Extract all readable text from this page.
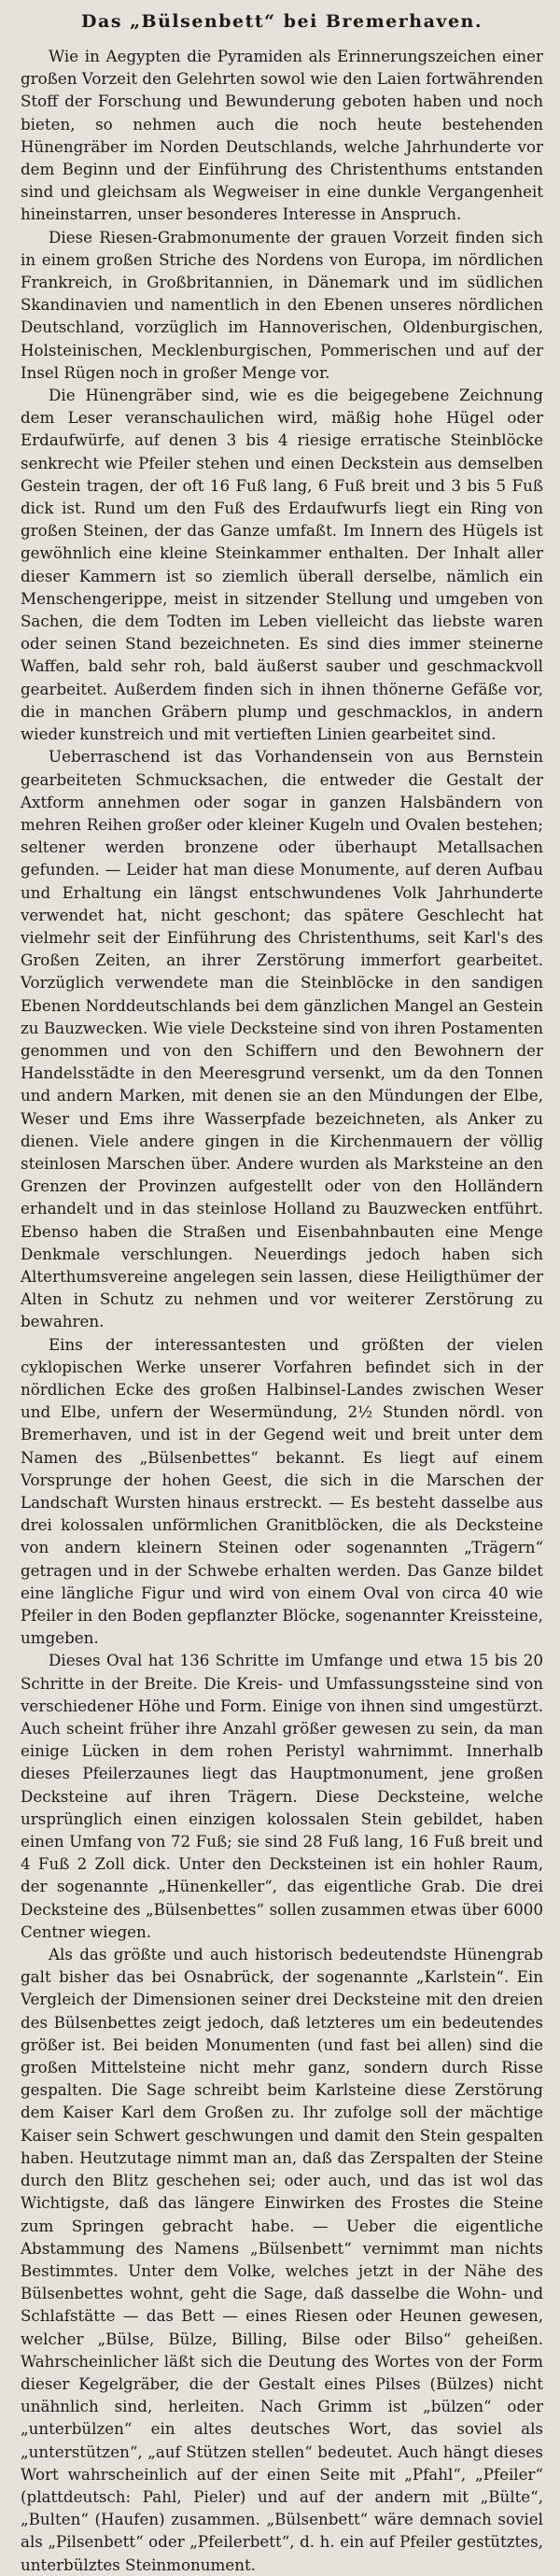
Das „Bülsenbett“ bei Bremerhaven.

Wie in Aegypten die Pyramiden als Erinnerungszeichen einer großen Vorzeit den Gelehrten sowol wie den Laien fortwährenden Stoff der Forschung und Bewunderung geboten haben und noch bieten, so nehmen auch die noch heute bestehenden Hünengräber im Norden Deutschlands, welche Jahrhunderte vor dem Beginn und der Einführung des Christenthums entstanden sind und gleichsam als Wegweiser in eine dunkle Vergangenheit hineinstarren, unser besonderes Interesse in Anspruch.

Diese Riesen-Grabmonumente der grauen Vorzeit finden sich in einem großen Striche des Nordens von Europa, im nördlichen Frankreich, in Großbritannien, in Dänemark und im südlichen Skandinavien und namentlich in den Ebenen unseres nördlichen Deutschland, vorzüglich im Hannoverischen, Oldenburgischen, Holsteinischen, Mecklenburgischen, Pommerischen und auf der Insel Rügen noch in großer Menge vor.

Die Hünengräber sind, wie es die beigegebene Zeichnung dem Leser veranschaulichen wird, mäßig hohe Hügel oder Erdaufwürfe, auf denen 3 bis 4 riesige erratische Steinblöcke senkrecht wie Pfeiler stehen und einen Deckstein aus demselben Gestein tragen, der oft 16 Fuß lang, 6 Fuß breit und 3 bis 5 Fuß dick ist. Rund um den Fuß des Erdaufwurfs liegt ein Ring von großen Steinen, der das Ganze umfaßt. Im Innern des Hügels ist gewöhnlich eine kleine Steinkammer enthalten. Der Inhalt aller dieser Kammern ist so ziemlich überall derselbe, nämlich ein Menschengerippe, meist in sitzender Stellung und umgeben von Sachen, die dem Todten im Leben vielleicht das liebste waren oder seinen Stand bezeichneten. Es sind dies immer steinerne Waffen, bald sehr roh, bald äußerst sauber und geschmackvoll gearbeitet. Außerdem finden sich in ihnen thönerne Gefäße vor, die in manchen Gräbern plump und geschmacklos, in andern wieder kunstreich und mit vertieften Linien gearbeitet sind.

Ueberraschend ist das Vorhandensein von aus Bernstein gearbeiteten Schmucksachen, die entweder die Gestalt der Axtform annehmen oder sogar in ganzen Halsbändern von mehren Reihen großer oder kleiner Kugeln und Ovalen bestehen; seltener werden bronzene oder überhaupt Metallsachen gefunden. — Leider hat man diese Monumente, auf deren Aufbau und Erhaltung ein längst entschwundenes Volk Jahrhunderte verwendet hat, nicht geschont; das spätere Geschlecht hat vielmehr seit der Einführung des Christenthums, seit Karl's des Großen Zeiten, an ihrer Zerstörung immerfort gearbeitet. Vorzüglich verwendete man die Steinblöcke in den sandigen Ebenen Norddeutschlands bei dem gänzlichen Mangel an Gestein zu Bauzwecken. Wie viele Decksteine sind von ihren Postamenten genommen und von den Schiffern und den Bewohnern der Handelsstädte in den Meeresgrund versenkt, um da den Tonnen und andern Marken, mit denen sie an den Mündungen der Elbe, Weser und Ems ihre Wasserpfade bezeichneten, als Anker zu dienen. Viele andere gingen in die Kirchenmauern der völlig steinlosen Marschen über. Andere wurden als Marksteine an den Grenzen der Provinzen aufgestellt oder von den Holländern erhandelt und in das steinlose Holland zu Bauzwecken entführt. Ebenso haben die Straßen und Eisenbahnbauten eine Menge Denkmale verschlungen. Neuerdings jedoch haben sich Alterthumsvereine angelegen sein lassen, diese Heiligthümer der Alten in Schutz zu nehmen und vor weiterer Zerstörung zu bewahren.

Eins der interessantesten und größten der vielen cyklopischen Werke unserer Vorfahren befindet sich in der nördlichen Ecke des großen Halbinsel-Landes zwischen Weser und Elbe, unfern der Wesermündung, 2½ Stunden nördl. von Bremerhaven, und ist in der Gegend weit und breit unter dem Namen des „Bülsenbettes“ bekannt. Es liegt auf einem Vorsprunge der hohen Geest, die sich in die Marschen der Landschaft Wursten hinaus erstreckt. — Es besteht dasselbe aus drei kolossalen unförmlichen Granitblöcken, die als Decksteine von andern kleinern Steinen oder sogenannten „Trägern“ getragen und in der Schwebe erhalten werden. Das Ganze bildet eine längliche Figur und wird von einem Oval von circa 40 wie Pfeiler in den Boden gepflanzter Blöcke, sogenannter Kreissteine, umgeben.

Dieses Oval hat 136 Schritte im Umfange und etwa 15 bis 20 Schritte in der Breite. Die Kreis- und Umfassungssteine sind von verschiedener Höhe und Form. Einige von ihnen sind umgestürzt. Auch scheint früher ihre Anzahl größer gewesen zu sein, da man einige Lücken in dem rohen Peristyl wahrnimmt. Innerhalb dieses Pfeilerzaunes liegt das Hauptmonument, jene großen Decksteine auf ihren Trägern. Diese Decksteine, welche ursprünglich einen einzigen kolossalen Stein gebildet, haben einen Umfang von 72 Fuß; sie sind 28 Fuß lang, 16 Fuß breit und 4 Fuß 2 Zoll dick. Unter den Decksteinen ist ein hohler Raum, der sogenannte „Hünenkeller“, das eigentliche Grab. Die drei Decksteine des „Bülsenbettes“ sollen zusammen etwas über 6000 Centner wiegen.

Als das größte und auch historisch bedeutendste Hünengrab galt bisher das bei Osnabrück, der sogenannte „Karlstein“. Ein Vergleich der Dimensionen seiner drei Decksteine mit den dreien des Bülsenbettes zeigt jedoch, daß letzteres um ein bedeutendes größer ist. Bei beiden Monumenten (und fast bei allen) sind die großen Mittelsteine nicht mehr ganz, sondern durch Risse gespalten. Die Sage schreibt beim Karlsteine diese Zerstörung dem Kaiser Karl dem Großen zu. Ihr zufolge soll der mächtige Kaiser sein Schwert geschwungen und damit den Stein gespalten haben. Heutzutage nimmt man an, daß das Zerspalten der Steine durch den Blitz geschehen sei; oder auch, und das ist wol das Wichtigste, daß das längere Einwirken des Frostes die Steine zum Springen gebracht habe. — Ueber die eigentliche Abstammung des Namens „Bülsenbett“ vernimmt man nichts Bestimmtes. Unter dem Volke, welches jetzt in der Nähe des Bülsenbettes wohnt, geht die Sage, daß dasselbe die Wohn- und Schlafstätte — das Bett — eines Riesen oder Heunen gewesen, welcher „Bülse, Bülze, Billing, Bilse oder Bilso“ geheißen. Wahrscheinlicher läßt sich die Deutung des Wortes von der Form dieser Kegelgräber, die der Gestalt eines Pilses (Bülzes) nicht unähnlich sind, herleiten. Nach Grimm ist „bülzen“ oder „unterbülzen“ ein altes deutsches Wort, das soviel als „unterstützen“, „auf Stützen stellen“ bedeutet. Auch hängt dieses Wort wahrscheinlich auf der einen Seite mit „Pfahl“, „Pfeiler“ (plattdeutsch: Pahl, Pieler) und auf der andern mit „Bülte“, „Bulten“ (Haufen) zusammen. „Bülsenbett“ wäre demnach soviel als „Pilsenbett“ oder „Pfeilerbett“, d. h. ein auf Pfeiler gestütztes, unterbülztes Steinmonument.
